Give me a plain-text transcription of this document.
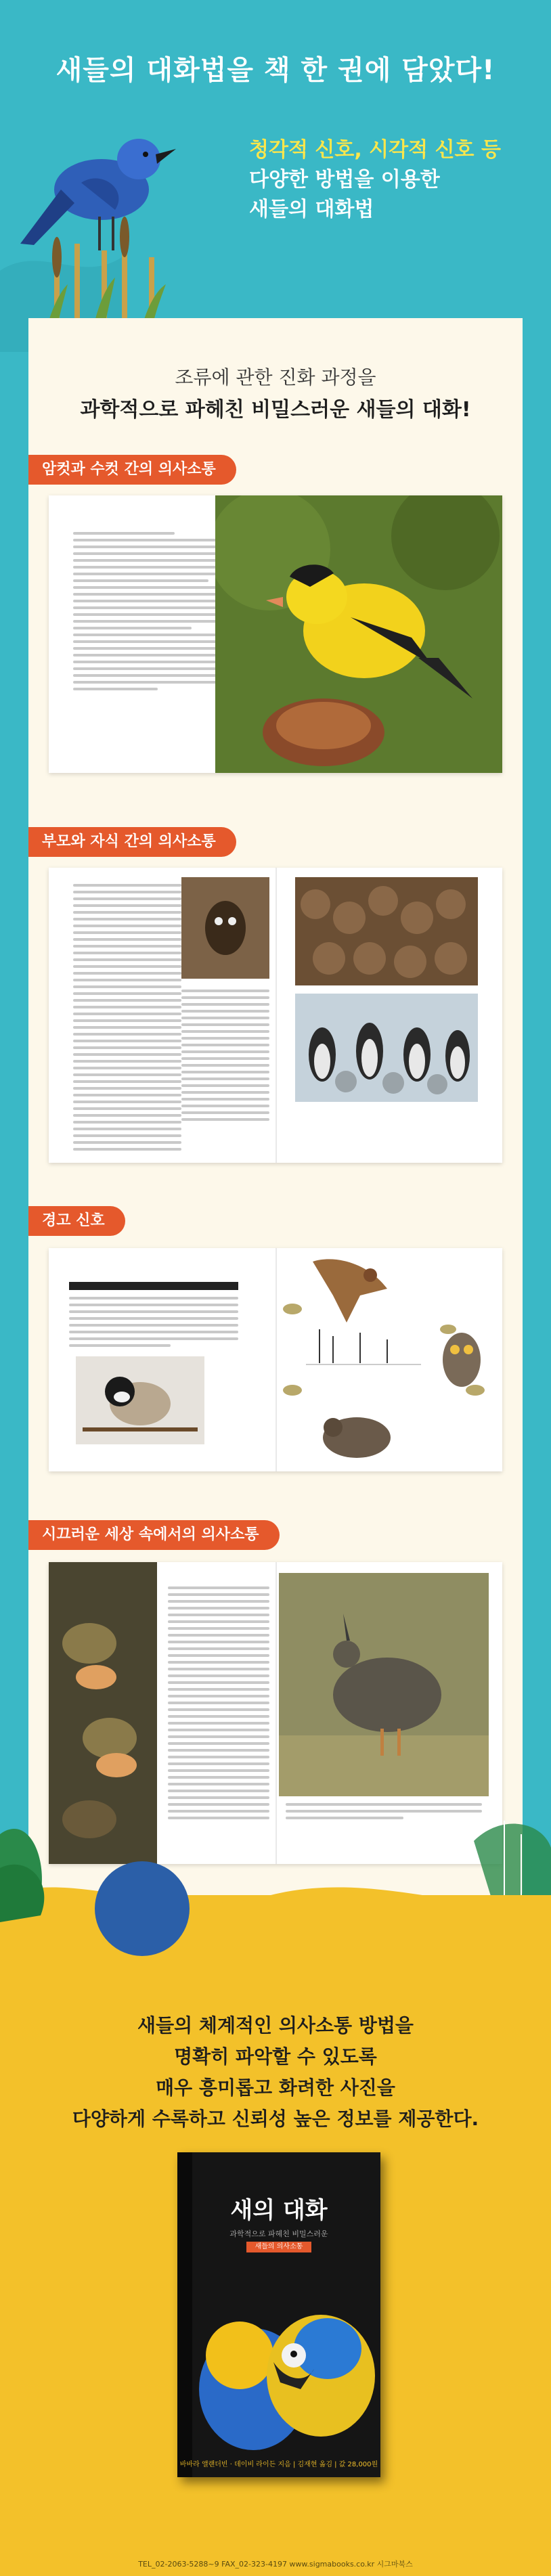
새들의 대화법을 책 한 권에 담았다!
청각적 신호, 시각적 신호 등
다양한 방법을 이용한
새들의 대화법
조류에 관한 진화 과정을
과학적으로 파헤친 비밀스러운 새들의 대화!
암컷과 수컷 간의 의사소통
부모와 자식 간의 의사소통
경고 신호
시끄러운 세상 속에서의 의사소통
새들의 체계적인 의사소통 방법을
명확히 파악할 수 있도록
매우 흥미롭고 화려한 사진을
다양하게 수록하고 신뢰성 높은 정보를 제공한다.
새의 대화
과학적으로 파헤친 비밀스러운
새들의 의사소통
바바라 앨랜더빈 · 데이비 라이든 지음 | 김재현 옮김 | 값 28,000원
TEL_02-2063-5288~9 FAX_02-323-4197 www.sigmabooks.co.kr 시그마북스
